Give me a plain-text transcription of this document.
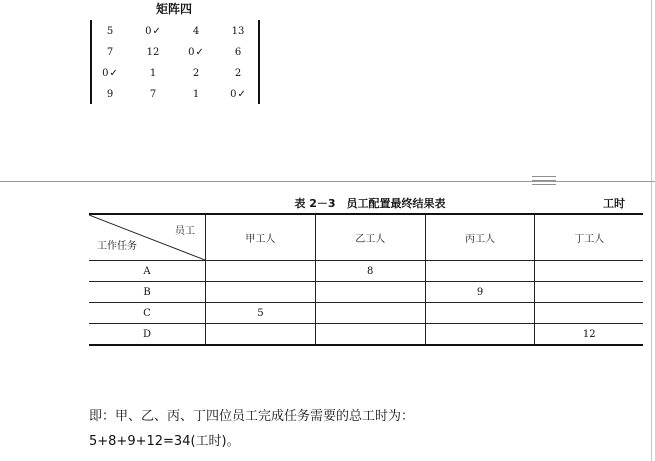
矩阵四
5	0✓	4	13
7	12	0✓	6
0✓	1	2	2
9	7	1	0✓
表 2－3　员工配置最终结果表	工时
员工
工作任务	甲工人	乙工人	丙工人	丁工人
A		8		
B			9	
C	5			
D				12
即：甲、乙、丙、丁四位员工完成任务需要的总工时为：
5+8+9+12=34(工时)。
